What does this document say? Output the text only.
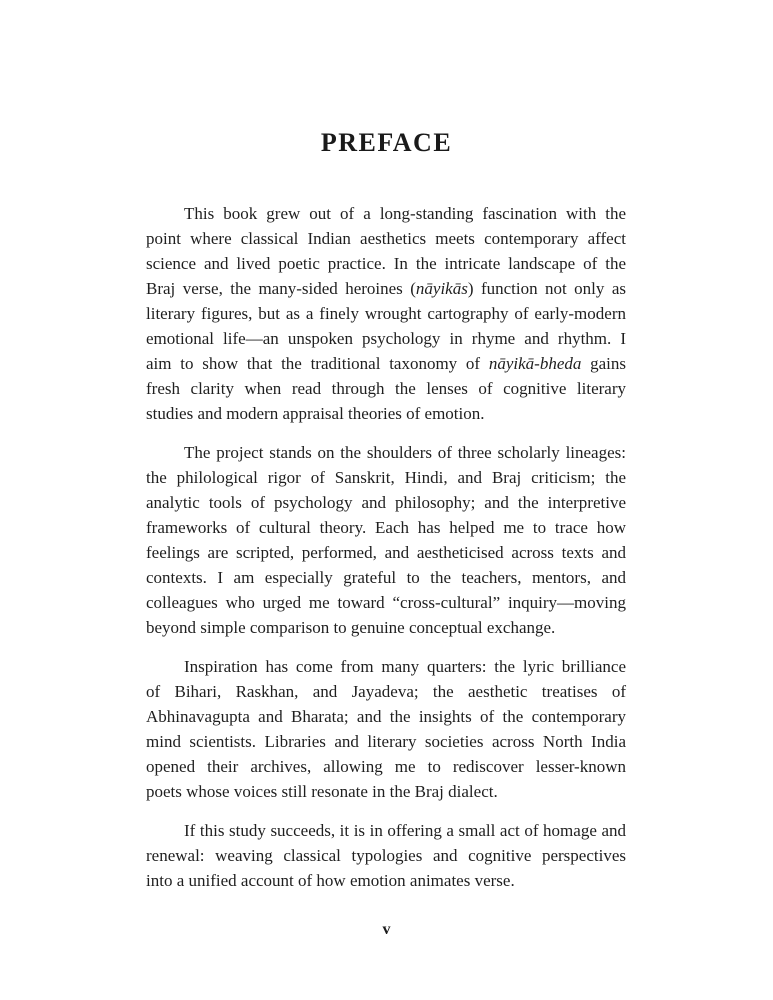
PREFACE
This book grew out of a long-standing fascination with the
point where classical Indian aesthetics meets contemporary affect
science and lived poetic practice. In the intricate landscape of the
Braj verse, the many-sided heroines (nāyikās) function not only as
literary figures, but as a finely wrought cartography of early-modern
emotional life—an unspoken psychology in rhyme and rhythm. I
aim to show that the traditional taxonomy of nāyikā-bheda gains
fresh clarity when read through the lenses of cognitive literary
studies and modern appraisal theories of emotion.
The project stands on the shoulders of three scholarly lineages:
the philological rigor of Sanskrit, Hindi, and Braj criticism; the
analytic tools of psychology and philosophy; and the interpretive
frameworks of cultural theory. Each has helped me to trace how
feelings are scripted, performed, and aestheticised across texts and
contexts. I am especially grateful to the teachers, mentors, and
colleagues who urged me toward “cross-cultural” inquiry—moving
beyond simple comparison to genuine conceptual exchange.
Inspiration has come from many quarters: the lyric brilliance
of Bihari, Raskhan, and Jayadeva; the aesthetic treatises of
Abhinavagupta and Bharata; and the insights of the contemporary
mind scientists. Libraries and literary societies across North India
opened their archives, allowing me to rediscover lesser-known
poets whose voices still resonate in the Braj dialect.
If this study succeeds, it is in offering a small act of homage and
renewal: weaving classical typologies and cognitive perspectives
into a unified account of how emotion animates verse.
v
